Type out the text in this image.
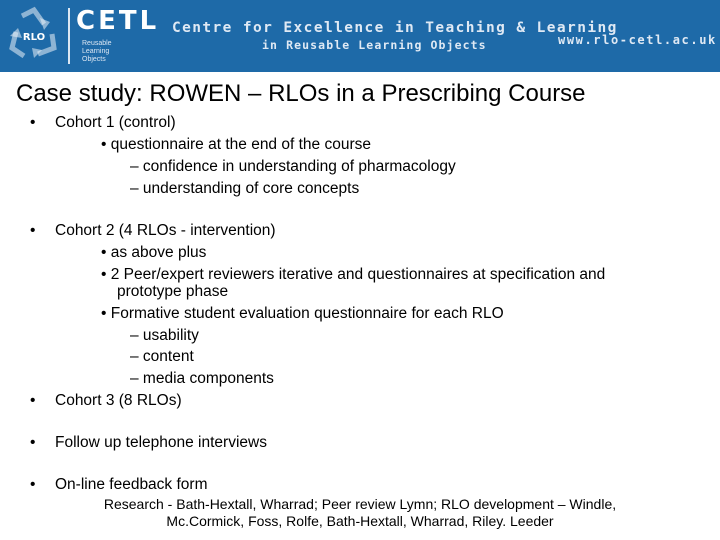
RLO
CETL
Reusable Learning Objects
Centre for Excellence in Teaching & Learning
in Reusable Learning Objects	www.rlo-cetl.ac.uk
Case study: ROWEN – RLOs in a Prescribing Course
• Cohort 1 (control)
• questionnaire at the end of the course
– confidence in understanding of pharmacology
– understanding of core concepts
• Cohort 2 (4 RLOs - intervention)
• as above plus
• 2 Peer/expert reviewers iterative and questionnaires at specification and
prototype phase
• Formative student evaluation questionnaire for each RLO
– usability
– content
– media components
• Cohort 3 (8 RLOs)
• Follow up telephone interviews
• On-line feedback form
Research - Bath-Hextall, Wharrad; Peer review Lymn; RLO development – Windle,
Mc.Cormick, Foss, Rolfe, Bath-Hextall, Wharrad, Riley. Leeder
